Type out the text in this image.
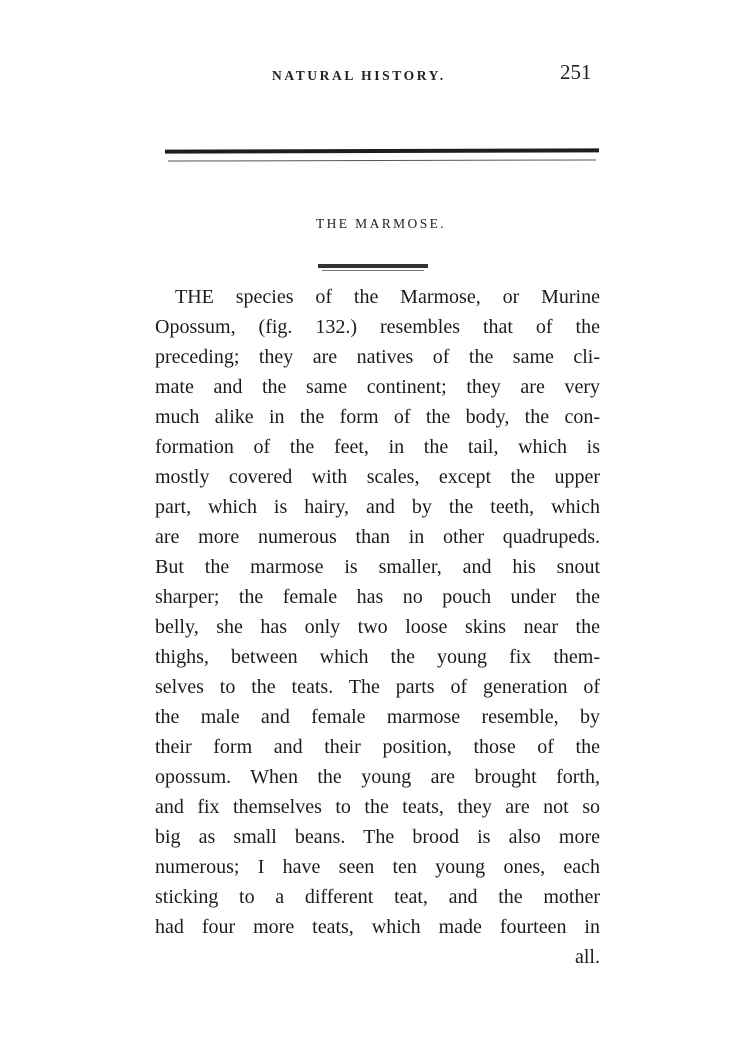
NATURAL HISTORY.	251
THE MARMOSE.
THE species of the Marmose, or Murine
Opossum, (fig. 132.) resembles that of the
preceding; they are natives of the same cli-
mate and the same continent; they are very
much alike in the form of the body, the con-
formation of the feet, in the tail, which is
mostly covered with scales, except the upper
part, which is hairy, and by the teeth, which
are more numerous than in other quadrupeds.
But the marmose is smaller, and his snout
sharper; the female has no pouch under the
belly, she has only two loose skins near the
thighs, between which the young fix them-
selves to the teats. The parts of generation of
the male and female marmose resemble, by
their form and their position, those of the
opossum. When the young are brought forth,
and fix themselves to the teats, they are not so
big as small beans. The brood is also more
numerous; I have seen ten young ones, each
sticking to a different teat, and the mother
had four more teats, which made fourteen in
all.
